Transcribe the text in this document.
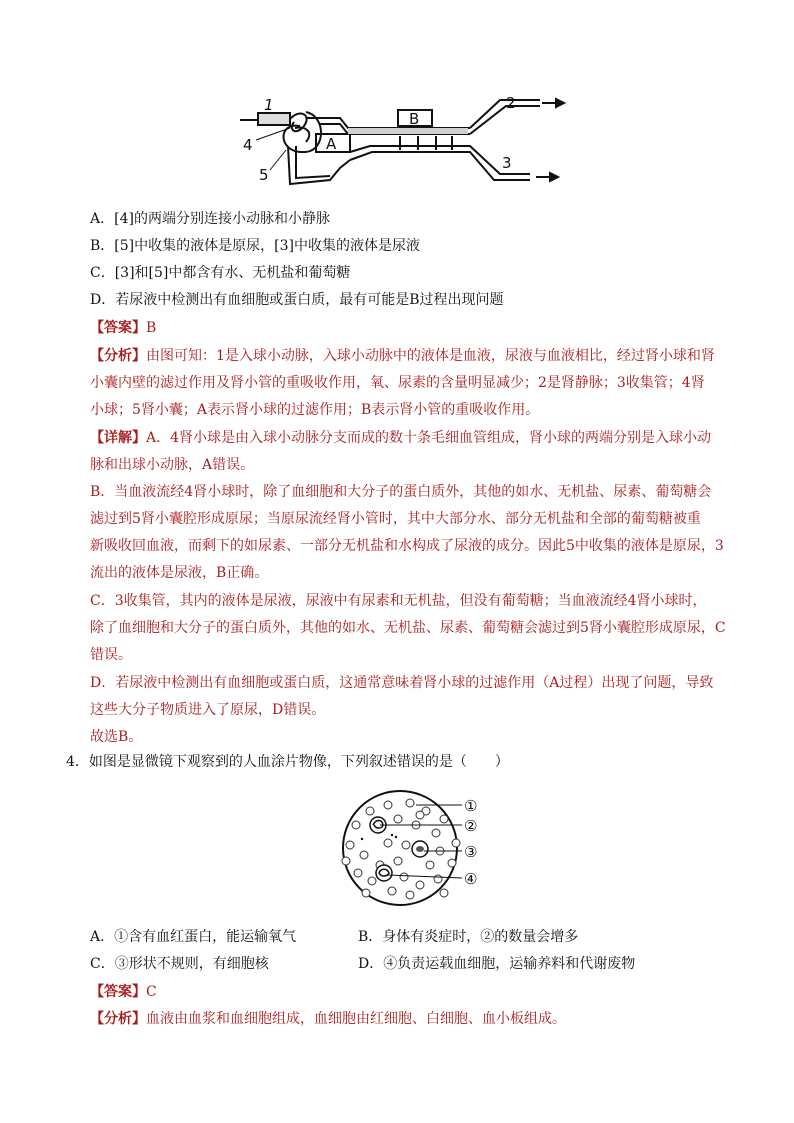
1	2
3
4
5
A
B
A．[4]的两端分别连接小动脉和小静脉
B．[5]中收集的液体是原尿，[3]中收集的液体是尿液
C．[3]和[5]中都含有水、无机盐和葡萄糖
D．若尿液中检测出有血细胞或蛋白质，最有可能是B过程出现问题
【答案】B
【分析】由图可知：1是入球小动脉，入球小动脉中的液体是血液，尿液与血液相比，经过肾小球和肾
小囊内壁的滤过作用及肾小管的重吸收作用，氧、尿素的含量明显减少；2是肾静脉；3收集管；4肾
小球；5肾小囊；A表示肾小球的过滤作用；B表示肾小管的重吸收作用。
【详解】A．4肾小球是由入球小动脉分支而成的数十条毛细血管组成，肾小球的两端分别是入球小动
脉和出球小动脉，A错误。
B．当血液流经4肾小球时，除了血细胞和大分子的蛋白质外，其他的如水、无机盐、尿素、葡萄糖会
滤过到5肾小囊腔形成原尿；当原尿流经肾小管时，其中大部分水、部分无机盐和全部的葡萄糖被重
新吸收回血液，而剩下的如尿素、一部分无机盐和水构成了尿液的成分。因此5中收集的液体是原尿，3
流出的液体是尿液，B正确。
C．3收集管，其内的液体是尿液，尿液中有尿素和无机盐，但没有葡萄糖；当血液流经4肾小球时，
除了血细胞和大分子的蛋白质外，其他的如水、无机盐、尿素、葡萄糖会滤过到5肾小囊腔形成原尿，C
错误。
D．若尿液中检测出有血细胞或蛋白质，这通常意味着肾小球的过滤作用（A过程）出现了问题，导致
这些大分子物质进入了原尿，D错误。
故选B。
4．如图是显微镜下观察到的人血涂片物像，下列叙述错误的是（　　）
①
②
③
④
A．①含有血红蛋白，能运输氧气	B．身体有炎症时，②的数量会增多
C．③形状不规则，有细胞核	D．④负责运载血细胞，运输养料和代谢废物
【答案】C
【分析】血液由血浆和血细胞组成，血细胞由红细胞、白细胞、血小板组成。
